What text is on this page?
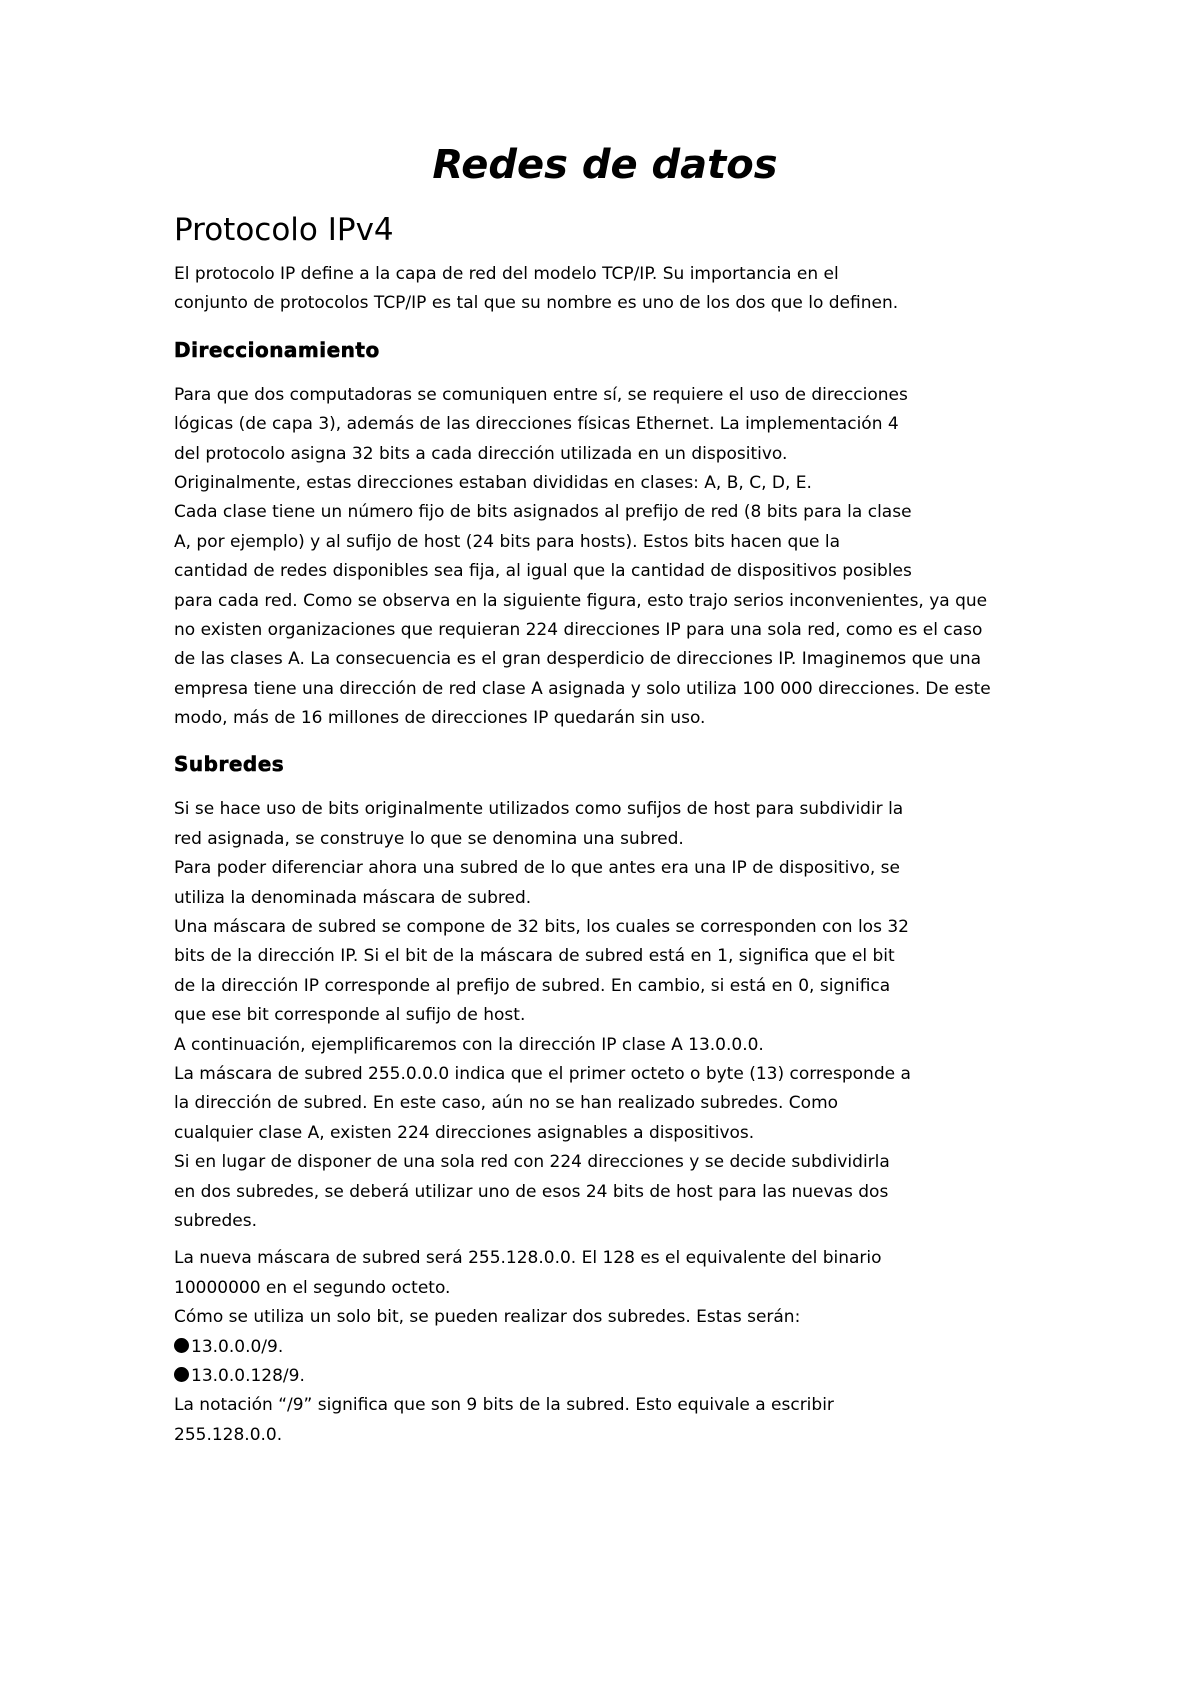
Redes de datos
Protocolo IPv4

El protocolo IP define a la capa de red del modelo TCP/IP. Su importancia en el

conjunto de protocolos TCP/IP es tal que su nombre es uno de los dos que lo definen.

Direccionamiento

Para que dos computadoras se comuniquen entre sí, se requiere el uso de direcciones

lógicas (de capa 3), además de las direcciones físicas Ethernet. La implementación 4

del protocolo asigna 32 bits a cada dirección utilizada en un dispositivo.

Originalmente, estas direcciones estaban divididas en clases: A, B, C, D, E.

Cada clase tiene un número fijo de bits asignados al prefijo de red (8 bits para la clase

A, por ejemplo) y al sufijo de host (24 bits para hosts). Estos bits hacen que la

cantidad de redes disponibles sea fija, al igual que la cantidad de dispositivos posibles

para cada red. Como se observa en la siguiente figura, esto trajo serios inconvenientes, ya que

no existen organizaciones que requieran 224 direcciones IP para una sola red, como es el caso

de las clases A. La consecuencia es el gran desperdicio de direcciones IP. Imaginemos que una

empresa tiene una dirección de red clase A asignada y solo utiliza 100 000 direcciones. De este

modo, más de 16 millones de direcciones IP quedarán sin uso.

Subredes

Si se hace uso de bits originalmente utilizados como sufijos de host para subdividir la

red asignada, se construye lo que se denomina una subred.

Para poder diferenciar ahora una subred de lo que antes era una IP de dispositivo, se

utiliza la denominada máscara de subred.

Una máscara de subred se compone de 32 bits, los cuales se corresponden con los 32

bits de la dirección IP. Si el bit de la máscara de subred está en 1, significa que el bit

de la dirección IP corresponde al prefijo de subred. En cambio, si está en 0, significa

que ese bit corresponde al sufijo de host.

A continuación, ejemplificaremos con la dirección IP clase A 13.0.0.0.

La máscara de subred 255.0.0.0 indica que el primer octeto o byte (13) corresponde a

la dirección de subred. En este caso, aún no se han realizado subredes. Como

cualquier clase A, existen 224 direcciones asignables a dispositivos.

Si en lugar de disponer de una sola red con 224 direcciones y se decide subdividirla

en dos subredes, se deberá utilizar uno de esos 24 bits de host para las nuevas dos

subredes.

La nueva máscara de subred será 255.128.0.0. El 128 es el equivalente del binario

10000000 en el segundo octeto.

Cómo se utiliza un solo bit, se pueden realizar dos subredes. Estas serán:

13.0.0.0/9.

13.0.0.128/9.

La notación “/9” significa que son 9 bits de la subred. Esto equivale a escribir

255.128.0.0.
